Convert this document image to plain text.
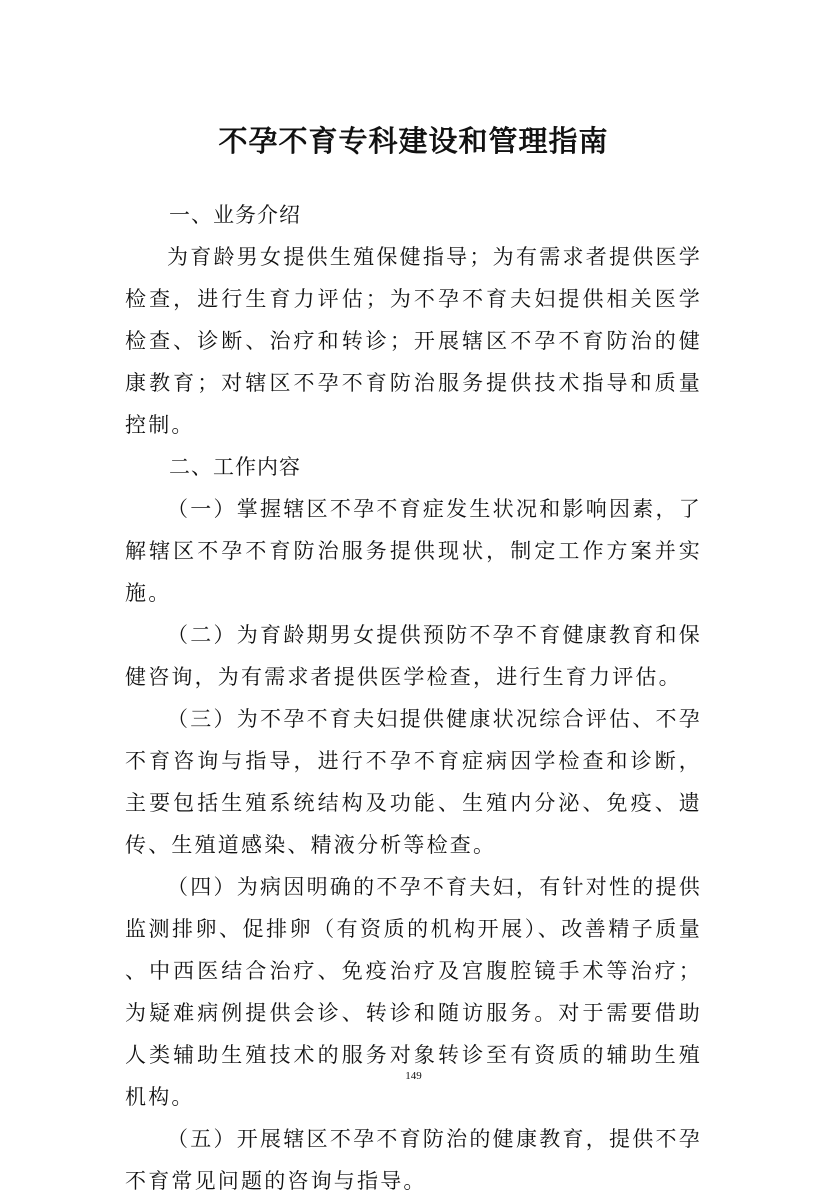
不孕不育专科建设和管理指南

一、业务介绍

为育龄男女提供生殖保健指导；为有需求者提供医学检查，进行生育力评估；为不孕不育夫妇提供相关医学检查、诊断、治疗和转诊；开展辖区不孕不育防治的健康教育；对辖区不孕不育防治服务提供技术指导和质量控制。

二、工作内容

（一）掌握辖区不孕不育症发生状况和影响因素，了解辖区不孕不育防治服务提供现状，制定工作方案并实施。

（二）为育龄期男女提供预防不孕不育健康教育和保健咨询，为有需求者提供医学检查，进行生育力评估。

（三）为不孕不育夫妇提供健康状况综合评估、不孕不育咨询与指导，进行不孕不育症病因学检查和诊断，主要包括生殖系统结构及功能、生殖内分泌、免疫、遗传、生殖道感染、精液分析等检查。

（四）为病因明确的不孕不育夫妇，有针对性的提供监测排卵、促排卵（有资质的机构开展）、改善精子质量、中西医结合治疗、免疫治疗及宫腹腔镜手术等治疗；为疑难病例提供会诊、转诊和随访服务。对于需要借助人类辅助生殖技术的服务对象转诊至有资质的辅助生殖机构。

（五）开展辖区不孕不育防治的健康教育，提供不孕不育常见问题的咨询与指导。

149
